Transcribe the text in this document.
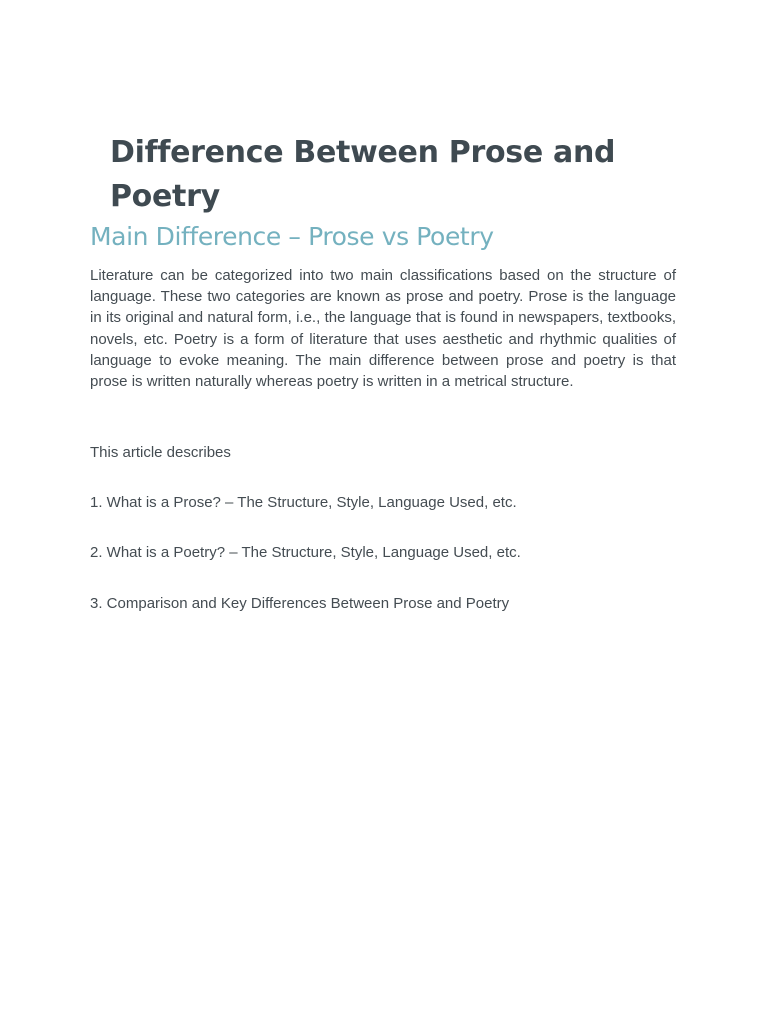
Difference Between Prose and Poetry
Main Difference – Prose vs Poetry

Literature can be categorized into two main classifications based on the structure of language. These two categories are known as prose and poetry. Prose is the language in its original and natural form, i.e., the language that is found in newspapers, textbooks, novels, etc. Poetry is a form of literature that uses aesthetic and rhythmic qualities of language to evoke meaning. The main difference between prose and poetry is that prose is written naturally whereas poetry is written in a metrical structure.

This article describes

1. What is a Prose? – The Structure, Style, Language Used, etc.

2. What is a Poetry? – The Structure, Style, Language Used, etc.

3. Comparison and Key Differences Between Prose and Poetry
